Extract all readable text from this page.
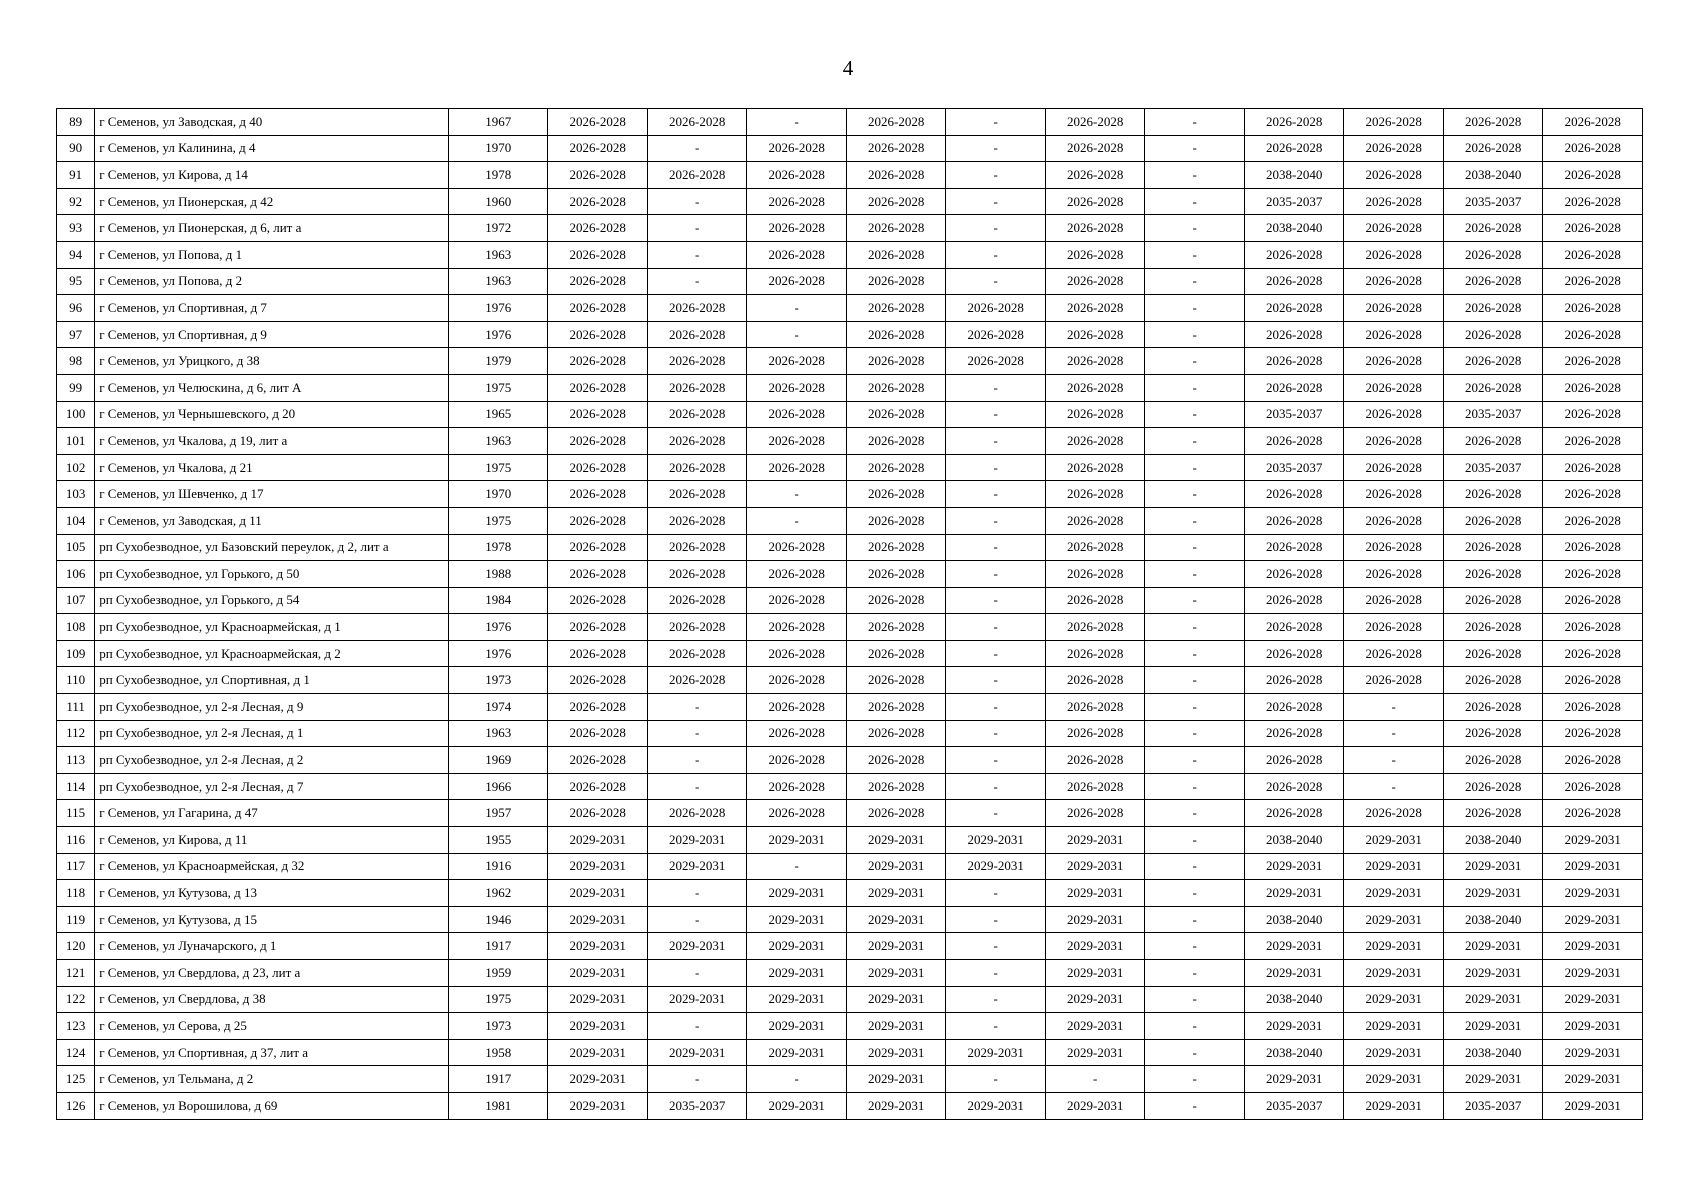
4
89	г Семенов, ул Заводская, д 40	1967	2026-2028	2026-2028	-	2026-2028	-	2026-2028	-	2026-2028	2026-2028	2026-2028	2026-2028
90	г Семенов, ул Калинина, д 4	1970	2026-2028	-	2026-2028	2026-2028	-	2026-2028	-	2026-2028	2026-2028	2026-2028	2026-2028
91	г Семенов, ул Кирова, д 14	1978	2026-2028	2026-2028	2026-2028	2026-2028	-	2026-2028	-	2038-2040	2026-2028	2038-2040	2026-2028
92	г Семенов, ул Пионерская, д 42	1960	2026-2028	-	2026-2028	2026-2028	-	2026-2028	-	2035-2037	2026-2028	2035-2037	2026-2028
93	г Семенов, ул Пионерская, д 6, лит а	1972	2026-2028	-	2026-2028	2026-2028	-	2026-2028	-	2038-2040	2026-2028	2026-2028	2026-2028
94	г Семенов, ул Попова, д 1	1963	2026-2028	-	2026-2028	2026-2028	-	2026-2028	-	2026-2028	2026-2028	2026-2028	2026-2028
95	г Семенов, ул Попова, д 2	1963	2026-2028	-	2026-2028	2026-2028	-	2026-2028	-	2026-2028	2026-2028	2026-2028	2026-2028
96	г Семенов, ул Спортивная, д 7	1976	2026-2028	2026-2028	-	2026-2028	2026-2028	2026-2028	-	2026-2028	2026-2028	2026-2028	2026-2028
97	г Семенов, ул Спортивная, д 9	1976	2026-2028	2026-2028	-	2026-2028	2026-2028	2026-2028	-	2026-2028	2026-2028	2026-2028	2026-2028
98	г Семенов, ул Урицкого, д 38	1979	2026-2028	2026-2028	2026-2028	2026-2028	2026-2028	2026-2028	-	2026-2028	2026-2028	2026-2028	2026-2028
99	г Семенов, ул Челюскина, д 6, лит А	1975	2026-2028	2026-2028	2026-2028	2026-2028	-	2026-2028	-	2026-2028	2026-2028	2026-2028	2026-2028
100	г Семенов, ул Чернышевского, д 20	1965	2026-2028	2026-2028	2026-2028	2026-2028	-	2026-2028	-	2035-2037	2026-2028	2035-2037	2026-2028
101	г Семенов, ул Чкалова, д 19, лит а	1963	2026-2028	2026-2028	2026-2028	2026-2028	-	2026-2028	-	2026-2028	2026-2028	2026-2028	2026-2028
102	г Семенов, ул Чкалова, д 21	1975	2026-2028	2026-2028	2026-2028	2026-2028	-	2026-2028	-	2035-2037	2026-2028	2035-2037	2026-2028
103	г Семенов, ул Шевченко, д 17	1970	2026-2028	2026-2028	-	2026-2028	-	2026-2028	-	2026-2028	2026-2028	2026-2028	2026-2028
104	г Семенов, ул Заводская, д 11	1975	2026-2028	2026-2028	-	2026-2028	-	2026-2028	-	2026-2028	2026-2028	2026-2028	2026-2028
105	рп Сухобезводное, ул Базовский переулок, д 2, лит а	1978	2026-2028	2026-2028	2026-2028	2026-2028	-	2026-2028	-	2026-2028	2026-2028	2026-2028	2026-2028
106	рп Сухобезводное, ул Горького, д 50	1988	2026-2028	2026-2028	2026-2028	2026-2028	-	2026-2028	-	2026-2028	2026-2028	2026-2028	2026-2028
107	рп Сухобезводное, ул Горького, д 54	1984	2026-2028	2026-2028	2026-2028	2026-2028	-	2026-2028	-	2026-2028	2026-2028	2026-2028	2026-2028
108	рп Сухобезводное, ул Красноармейская, д 1	1976	2026-2028	2026-2028	2026-2028	2026-2028	-	2026-2028	-	2026-2028	2026-2028	2026-2028	2026-2028
109	рп Сухобезводное, ул Красноармейская, д 2	1976	2026-2028	2026-2028	2026-2028	2026-2028	-	2026-2028	-	2026-2028	2026-2028	2026-2028	2026-2028
110	рп Сухобезводное, ул Спортивная, д 1	1973	2026-2028	2026-2028	2026-2028	2026-2028	-	2026-2028	-	2026-2028	2026-2028	2026-2028	2026-2028
111	рп Сухобезводное, ул 2-я Лесная, д 9	1974	2026-2028	-	2026-2028	2026-2028	-	2026-2028	-	2026-2028	-	2026-2028	2026-2028
112	рп Сухобезводное, ул 2-я Лесная, д 1	1963	2026-2028	-	2026-2028	2026-2028	-	2026-2028	-	2026-2028	-	2026-2028	2026-2028
113	рп Сухобезводное, ул 2-я Лесная, д 2	1969	2026-2028	-	2026-2028	2026-2028	-	2026-2028	-	2026-2028	-	2026-2028	2026-2028
114	рп Сухобезводное, ул 2-я Лесная, д 7	1966	2026-2028	-	2026-2028	2026-2028	-	2026-2028	-	2026-2028	-	2026-2028	2026-2028
115	г Семенов, ул Гагарина, д 47	1957	2026-2028	2026-2028	2026-2028	2026-2028	-	2026-2028	-	2026-2028	2026-2028	2026-2028	2026-2028
116	г Семенов, ул Кирова, д 11	1955	2029-2031	2029-2031	2029-2031	2029-2031	2029-2031	2029-2031	-	2038-2040	2029-2031	2038-2040	2029-2031
117	г Семенов, ул Красноармейская, д 32	1916	2029-2031	2029-2031	-	2029-2031	2029-2031	2029-2031	-	2029-2031	2029-2031	2029-2031	2029-2031
118	г Семенов, ул Кутузова, д 13	1962	2029-2031	-	2029-2031	2029-2031	-	2029-2031	-	2029-2031	2029-2031	2029-2031	2029-2031
119	г Семенов, ул Кутузова, д 15	1946	2029-2031	-	2029-2031	2029-2031	-	2029-2031	-	2038-2040	2029-2031	2038-2040	2029-2031
120	г Семенов, ул Луначарского, д 1	1917	2029-2031	2029-2031	2029-2031	2029-2031	-	2029-2031	-	2029-2031	2029-2031	2029-2031	2029-2031
121	г Семенов, ул Свердлова, д 23, лит а	1959	2029-2031	-	2029-2031	2029-2031	-	2029-2031	-	2029-2031	2029-2031	2029-2031	2029-2031
122	г Семенов, ул Свердлова, д 38	1975	2029-2031	2029-2031	2029-2031	2029-2031	-	2029-2031	-	2038-2040	2029-2031	2029-2031	2029-2031
123	г Семенов, ул Серова, д 25	1973	2029-2031	-	2029-2031	2029-2031	-	2029-2031	-	2029-2031	2029-2031	2029-2031	2029-2031
124	г Семенов, ул Спортивная, д 37, лит а	1958	2029-2031	2029-2031	2029-2031	2029-2031	2029-2031	2029-2031	-	2038-2040	2029-2031	2038-2040	2029-2031
125	г Семенов, ул Тельмана, д 2	1917	2029-2031	-	-	2029-2031	-	-	-	2029-2031	2029-2031	2029-2031	2029-2031
126	г Семенов, ул Ворошилова, д 69	1981	2029-2031	2035-2037	2029-2031	2029-2031	2029-2031	2029-2031	-	2035-2037	2029-2031	2035-2037	2029-2031
